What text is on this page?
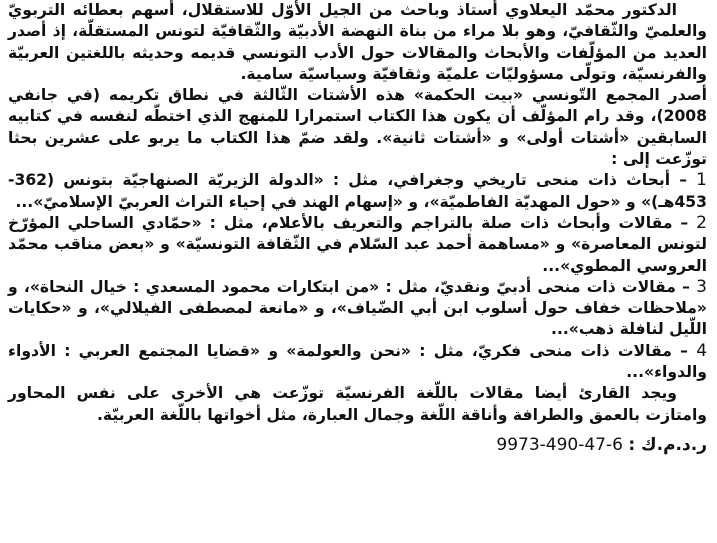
الدكتور محمّد اليعلاوي أستاذ وباحث من الجيل الأوّل للاستقلال، أسهم بعطائه التربويّ والعلميّ والثّقافيّ، وهو بلا مراء من بناة النهضة الأدبيّة والثّقافيّة لتونس المستقلّة، إذ أصدر العديد من المؤلّفات والأبحاث والمقالات حول الأدب التونسي قديمه وحديثه باللغتين العربيّة والفرنسيّة، وتولّى مسؤوليّات علميّة وثقافيّة وسياسيّة سامية.

أصدر المجمع التّونسي «بيت الحكمة» هذه الأشتات الثّالثة في نطاق تكريمه (في جانفي 2008)، وقد رام المؤلّف أن يكون هذا الكتاب استمرارا للمنهج الذي اختطّه لنفسه في كتابيه السابقين «أشتات أولى» و «أشتات ثانية». ولقد ضمّ هذا الكتاب ما يربو على عشرين بحثا توزّعت إلى :

1 – أبحاث ذات منحى تاريخي وجغرافي، مثل : «الدولة الزيريّة الصنهاجيّة بتونس (362-453هـ)» و «حول المهديّة الفاطميّة»، و «إسهام الهند في إحياء التراث العربيّ الإسلاميّ»...
2 – مقالات وأبحاث ذات صلة بالتراجم والتعريف بالأعلام، مثل : «حمّادي الساحلي المؤرّخ لتونس المعاصرة» و «مساهمة أحمد عبد السّلام في الثّقافة التونسيّة» و «بعض مناقب محمّد العروسي المطوي»...
3 – مقالات ذات منحى أدبيّ ونقديّ، مثل : «من ابتكارات محمود المسعدي : خيال النحاة»، و «ملاحظات خفاف حول أسلوب ابن أبي الضّياف»، و «مانعة لمصطفى الفيلالي»، و «حكايات اللّيل لنافلة ذهب»...
4 – مقالات ذات منحى فكريّ، مثل : «نحن والعولمة» و «قضايا المجتمع العربي : الأدواء والدواء»...

ويجد القارئ أيضا مقالات باللّغة الفرنسيّة توزّعت هي الأخرى على نفس المحاور وامتازت بالعمق والطرافة وأناقة اللّغة وجمال العبارة، مثل أخواتها باللّغة العربيّة.

ر.د.م.ك : 9973-490-47-6
